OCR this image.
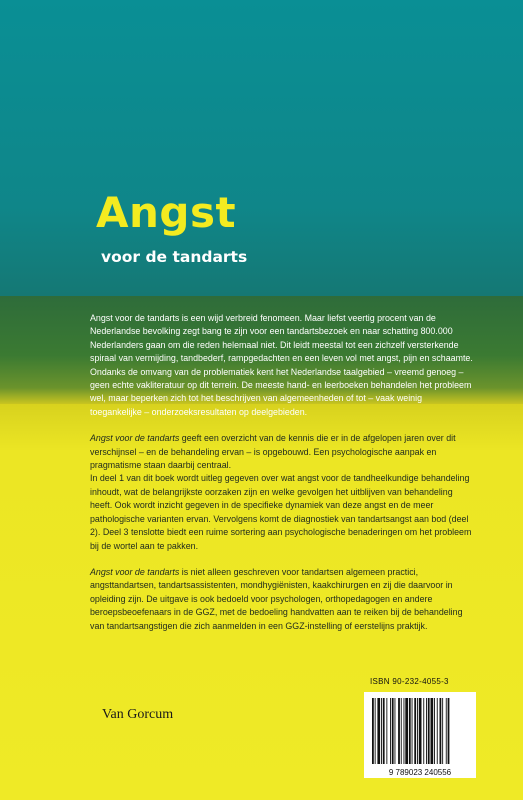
Angst
voor de tandarts

Angst voor de tandarts is een wijd verbreid fenomeen. Maar liefst veertig procent van de Nederlandse bevolking zegt bang te zijn voor een tandartsbezoek en naar schatting 800.000 Nederlanders gaan om die reden helemaal niet. Dit leidt meestal tot een zichzelf versterkende spiraal van vermijding, tandbederf, rampgedachten en een leven vol met angst, pijn en schaamte. Ondanks de omvang van de problematiek kent het Nederlandse taalgebied – vreemd genoeg – geen echte vakliteratuur op dit terrein. De meeste hand- en leerboeken behandelen het probleem wel, maar beperken zich tot het beschrijven van algemeenheden of tot – vaak weinig toegankelijke – onderzoeksresultaten op deelgebieden.

Angst voor de tandarts geeft een overzicht van de kennis die er in de afgelopen jaren over dit verschijnsel – en de behandeling ervan – is opgebouwd. Een psychologische aanpak en pragmatisme staan daarbij centraal.

In deel 1 van dit boek wordt uitleg gegeven over wat angst voor de tandheelkundige behandeling inhoudt, wat de belangrijkste oorzaken zijn en welke gevolgen het uitblijven van behandeling heeft. Ook wordt inzicht gegeven in de specifieke dynamiek van deze angst en de meer pathologische varianten ervan. Vervolgens komt de diagnostiek van tandartsangst aan bod (deel 2). Deel 3 tenslotte biedt een ruime sortering aan psychologische benaderingen om het probleem bij de wortel aan te pakken.

Angst voor de tandarts is niet alleen geschreven voor tandartsen algemeen practici, angsttandartsen, tandartsassistenten, mondhygiënisten, kaakchirurgen en zij die daarvoor in opleiding zijn. De uitgave is ook bedoeld voor psychologen, orthopedagogen en andere beroepsbeoefenaars in de GGZ, met de bedoeling handvatten aan te reiken bij de behandeling van tandartsangstigen die zich aanmelden in een GGZ-instelling of eerstelijns praktijk.

ISBN 90-232-4055-3
9 789023 240556
Van Gorcum
